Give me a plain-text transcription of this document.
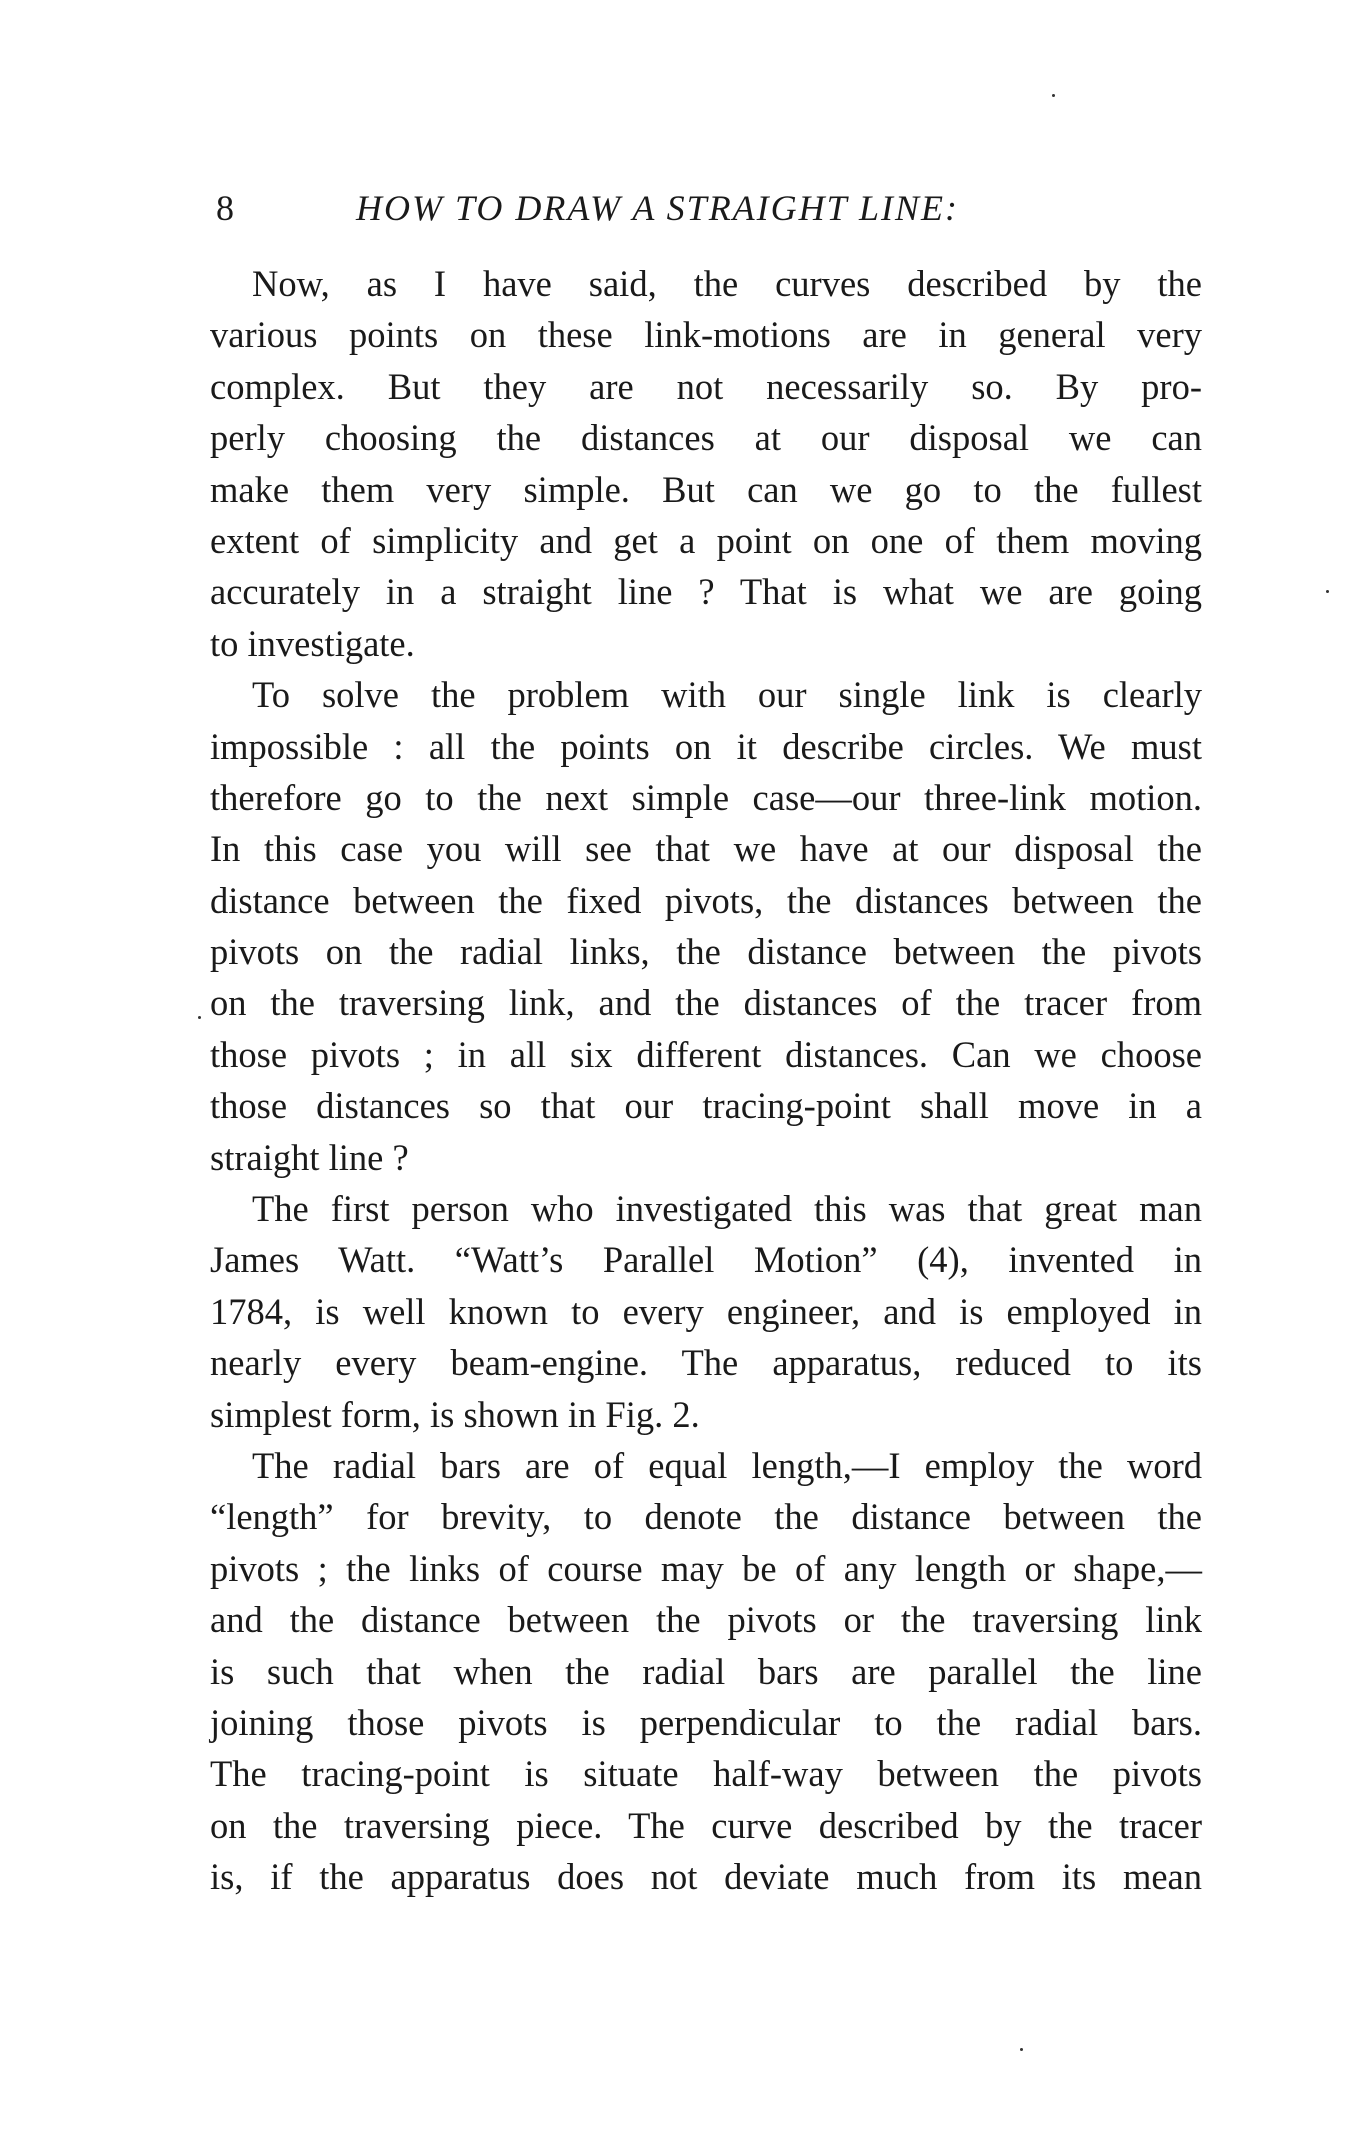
8	HOW TO DRAW A STRAIGHT LINE:
Now, as I have said, the curves described by the
various points on these link-motions are in general very
complex. But they are not necessarily so. By pro-
perly choosing the distances at our disposal we can
make them very simple. But can we go to the fullest
extent of simplicity and get a point on one of them moving
accurately in a straight line ? That is what we are going
to investigate.
To solve the problem with our single link is clearly
impossible : all the points on it describe circles. We must
therefore go to the next simple case—our three-link motion.
In this case you will see that we have at our disposal the
distance between the fixed pivots, the distances between the
pivots on the radial links, the distance between the pivots
on the traversing link, and the distances of the tracer from
those pivots ; in all six different distances. Can we choose
those distances so that our tracing-point shall move in a
straight line ?
The first person who investigated this was that great man
James Watt. “Watt’s Parallel Motion” (4), invented in
1784, is well known to every engineer, and is employed in
nearly every beam-engine. The apparatus, reduced to its
simplest form, is shown in Fig. 2.
The radial bars are of equal length,—I employ the word
“length” for brevity, to denote the distance between the
pivots ; the links of course may be of any length or shape,—
and the distance between the pivots or the traversing link
is such that when the radial bars are parallel the line
joining those pivots is perpendicular to the radial bars.
The tracing-point is situate half-way between the pivots
on the traversing piece. The curve described by the tracer
is, if the apparatus does not deviate much from its mean
